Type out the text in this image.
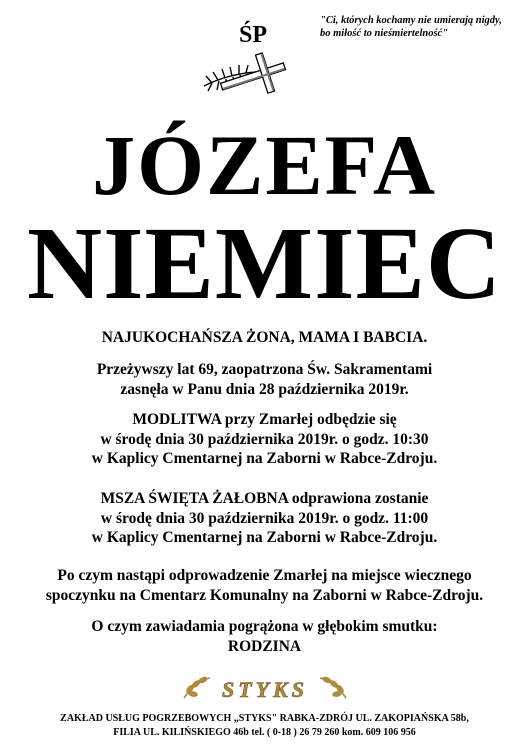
ŚP
"Ci, których kochamy nie umierają nigdy,
bo miłość to nieśmiertelność"
JÓZEFA
NIEMIEC
NAJUKOCHAŃSZA ŻONA, MAMA I BABCIA.
Przeżywszy lat 69, zaopatrzona Św. Sakramentami
zasnęła w Panu dnia 28 października 2019r.
MODLITWA przy Zmarłej odbędzie się
w środę dnia 30 października 2019r. o godz. 10:30
w Kaplicy Cmentarnej na Zaborni w Rabce-Zdroju.
MSZA ŚWIĘTA ŻAŁOBNA odprawiona zostanie
w środę dnia 30 października 2019r. o godz. 11:00
w Kaplicy Cmentarnej na Zaborni w Rabce-Zdroju.
Po czym nastąpi odprowadzenie Zmarłej na miejsce wiecznego
spoczynku na Cmentarz Komunalny na Zaborni w Rabce-Zdroju.
O czym zawiadamia pogrążona w głębokim smutku:
RODZINA
STYKS
ZAKŁAD USŁUG POGRZEBOWYCH „STYKS" RABKA-ZDRÓJ UL. ZAKOPIAŃSKA 58b,
FILIA UL. KILIŃSKIEGO 46b tel. ( 0-18 ) 26 79 260 kom. 609 106 956
